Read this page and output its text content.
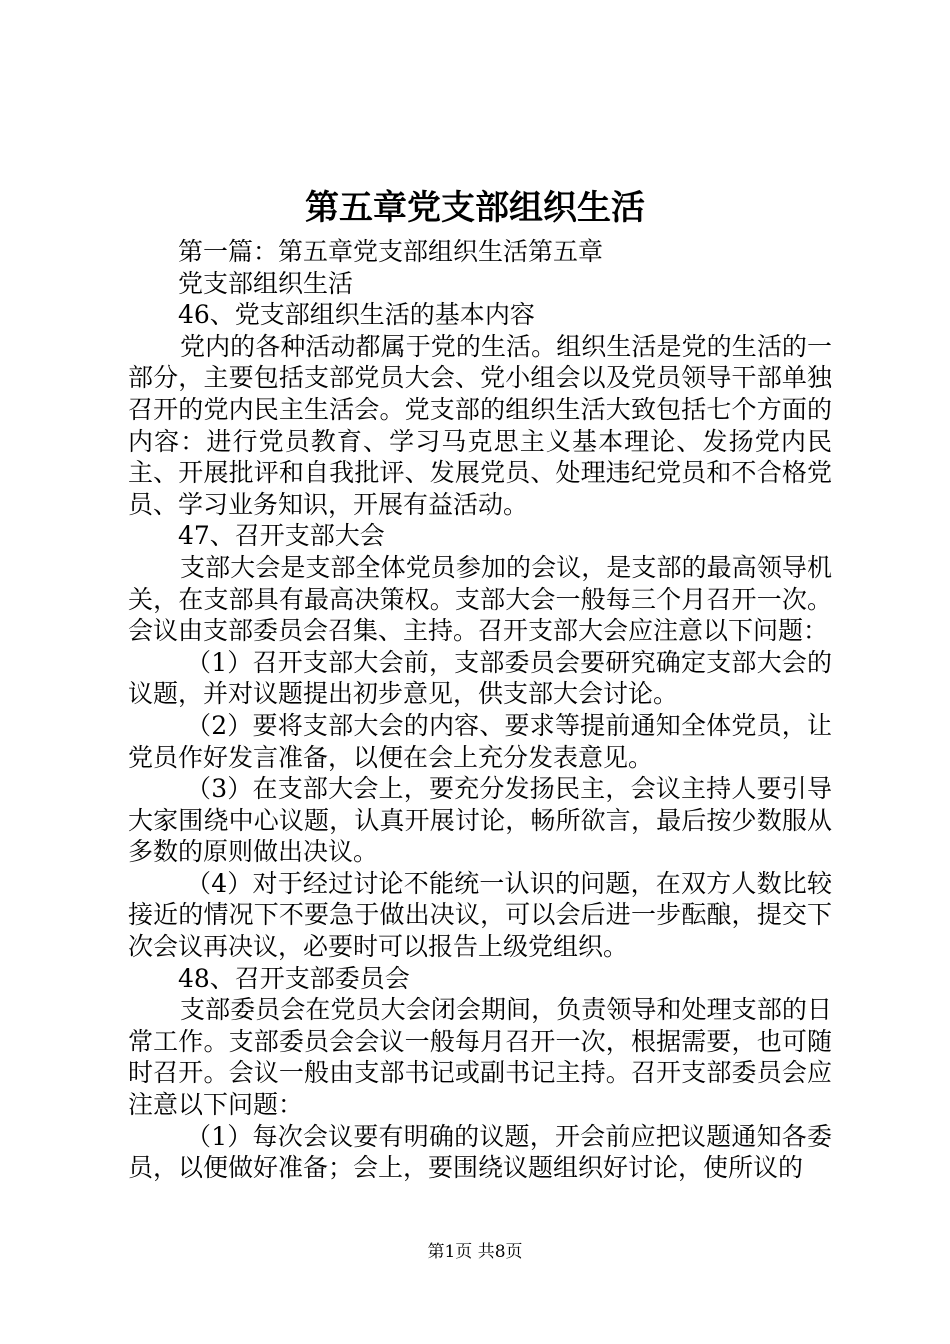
第五章党支部组织生活

第一篇：第五章党支部组织生活第五章

党支部组织生活

46、党支部组织生活的基本内容

党内的各种活动都属于党的生活。组织生活是党的生活的一部分，主要包括支部党员大会、党小组会以及党员领导干部单独召开的党内民主生活会。党支部的组织生活大致包括七个方面的内容：进行党员教育、学习马克思主义基本理论、发扬党内民主、开展批评和自我批评、发展党员、处理违纪党员和不合格党员、学习业务知识，开展有益活动。

47、召开支部大会

支部大会是支部全体党员参加的会议，是支部的最高领导机关，在支部具有最高决策权。支部大会一般每三个月召开一次。会议由支部委员会召集、主持。召开支部大会应注意以下问题：

（1）召开支部大会前，支部委员会要研究确定支部大会的议题，并对议题提出初步意见，供支部大会讨论。

（2）要将支部大会的内容、要求等提前通知全体党员，让党员作好发言准备，以便在会上充分发表意见。

（3）在支部大会上，要充分发扬民主，会议主持人要引导大家围绕中心议题，认真开展讨论，畅所欲言，最后按少数服从多数的原则做出决议。

（4）对于经过讨论不能统一认识的问题，在双方人数比较接近的情况下不要急于做出决议，可以会后进一步酝酿，提交下次会议再决议，必要时可以报告上级党组织。

48、召开支部委员会

支部委员会在党员大会闭会期间，负责领导和处理支部的日常工作。支部委员会会议一般每月召开一次，根据需要，也可随时召开。会议一般由支部书记或副书记主持。召开支部委员会应注意以下问题：

（1）每次会议要有明确的议题，开会前应把议题通知各委员，以便做好准备；会上，要围绕议题组织好讨论，使所议的

第1页 共8页
